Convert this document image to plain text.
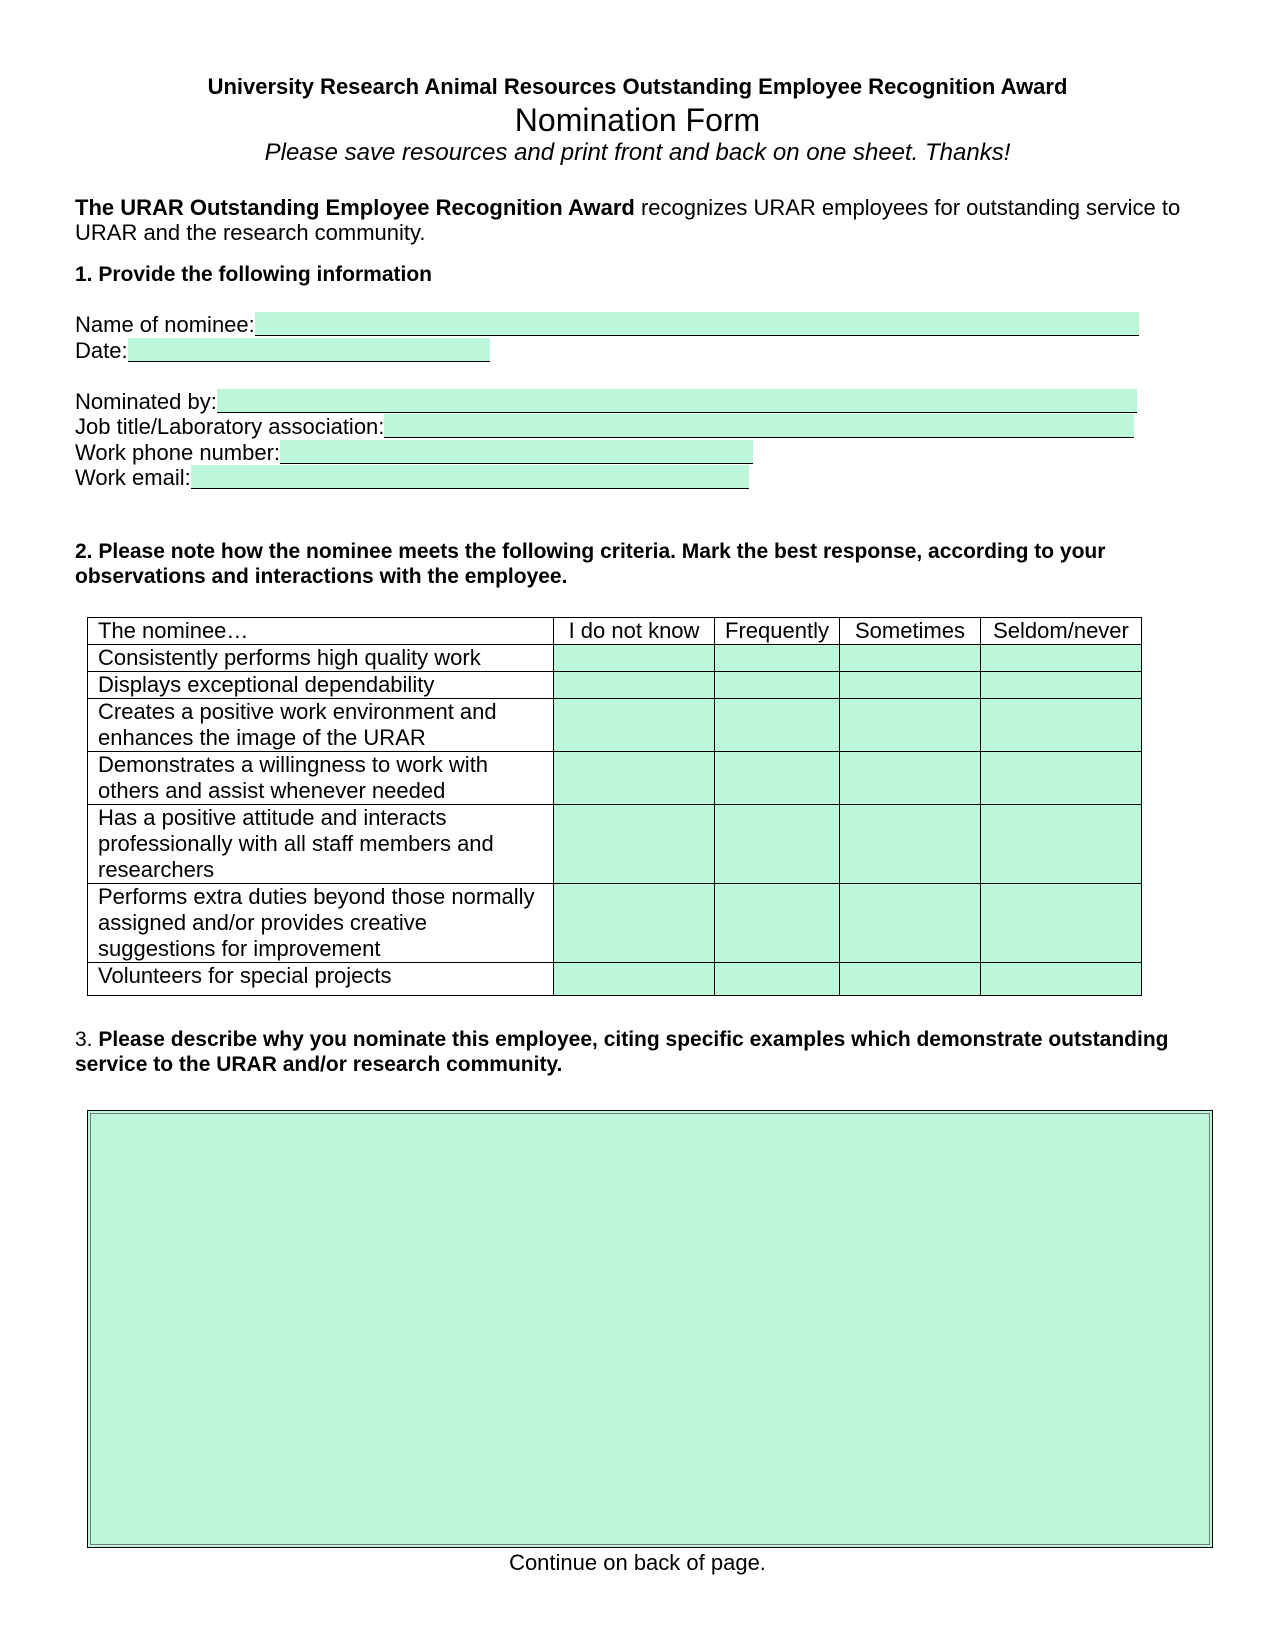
University Research Animal Resources Outstanding Employee Recognition Award
Nomination Form
Please save resources and print front and back on one sheet. Thanks!
The URAR Outstanding Employee Recognition Award recognizes URAR employees for outstanding service to URAR and the research community.
1. Provide the following information
Name of nominee:
Date:
Nominated by:
Job title/Laboratory association:
Work phone number:
Work email:
2. Please note how the nominee meets the following criteria. Mark the best response, according to your observations and interactions with the employee.
The nominee…	I do not know	Frequently	Sometimes	Seldom/never
Consistently performs high quality work				
Displays exceptional dependability				
Creates a positive work environment and enhances the image of the URAR				
Demonstrates a willingness to work with others and assist whenever needed				
Has a positive attitude and interacts professionally with all staff members and researchers				
Performs extra duties beyond those normally assigned and/or provides creative suggestions for improvement				
Volunteers for special projects				
3. Please describe why you nominate this employee, citing specific examples which demonstrate outstanding service to the URAR and/or research community.
Continue on back of page.
